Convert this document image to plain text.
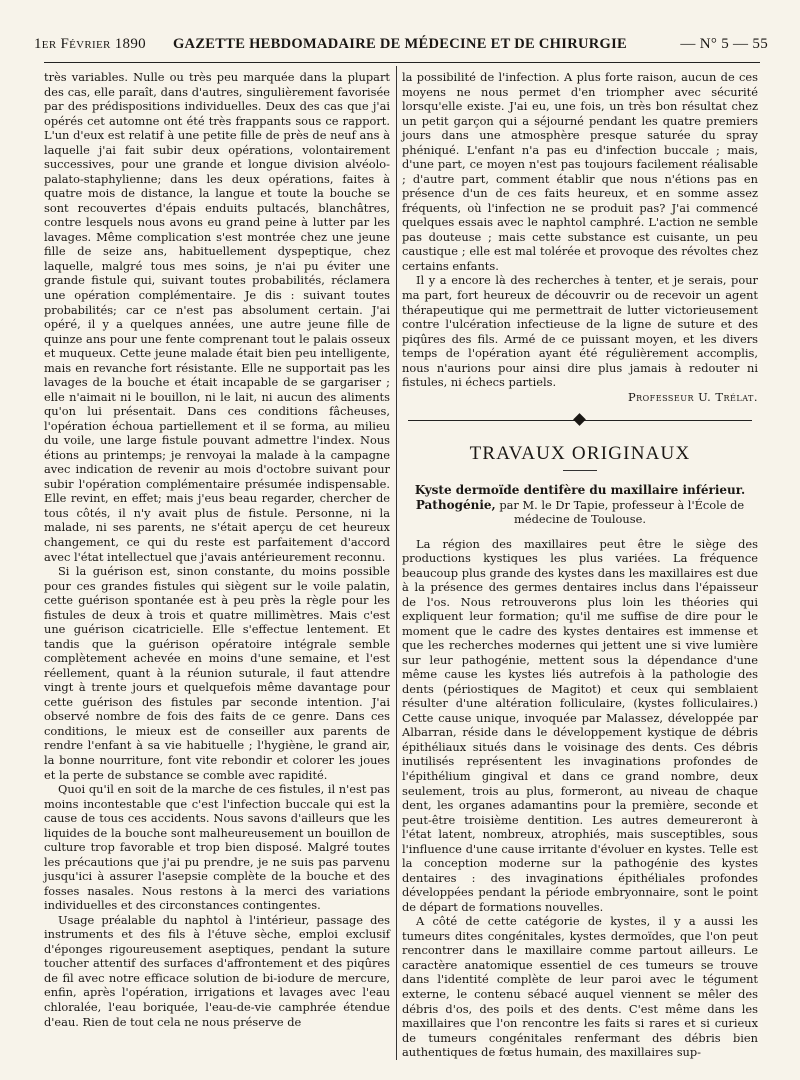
1er Février 1890	GAZETTE HEBDOMADAIRE DE MÉDECINE ET DE CHIRURGIE	— N° 5 — 55

très variables. Nulle ou très peu marquée dans la plupart des cas, elle paraît, dans d'autres, singulièrement favorisée par des prédispositions individuelles. Deux des cas que j'ai opérés cet automne ont été très frappants sous ce rapport. L'un d'eux est relatif à une petite fille de près de neuf ans à laquelle j'ai fait subir deux opérations, volontairement successives, pour une grande et longue division alvéolo-palato-staphylienne; dans les deux opérations, faites à quatre mois de distance, la langue et toute la bouche se sont recouvertes d'épais enduits pultacés, blanchâtres, contre lesquels nous avons eu grand peine à lutter par les lavages. Même complication s'est montrée chez une jeune fille de seize ans, habituellement dyspeptique, chez laquelle, malgré tous mes soins, je n'ai pu éviter une grande fistule qui, suivant toutes probabilités, réclamera une opération complémentaire. Je dis : suivant toutes probabilités; car ce n'est pas absolument certain. J'ai opéré, il y a quelques années, une autre jeune fille de quinze ans pour une fente comprenant tout le palais osseux et muqueux. Cette jeune malade était bien peu intelligente, mais en revanche fort résistante. Elle ne supportait pas les lavages de la bouche et était incapable de se gargariser ; elle n'aimait ni le bouillon, ni le lait, ni aucun des aliments qu'on lui présentait. Dans ces conditions fâcheuses, l'opération échoua partiellement et il se forma, au milieu du voile, une large fistule pouvant admettre l'index. Nous étions au printemps; je renvoyai la malade à la campagne avec indication de revenir au mois d'octobre suivant pour subir l'opération complémentaire présumée indispensable. Elle revint, en effet; mais j'eus beau regarder, chercher de tous côtés, il n'y avait plus de fistule. Personne, ni la malade, ni ses parents, ne s'était aperçu de cet heureux changement, ce qui du reste est parfaitement d'accord avec l'état intellectuel que j'avais antérieurement reconnu.

Si la guérison est, sinon constante, du moins possible pour ces grandes fistules qui siègent sur le voile palatin, cette guérison spontanée est à peu près la règle pour les fistules de deux à trois et quatre millimètres. Mais c'est une guérison cicatricielle. Elle s'effectue lentement. Et tandis que la guérison opératoire intégrale semble complètement achevée en moins d'une semaine, et l'est réellement, quant à la réunion suturale, il faut attendre vingt à trente jours et quelquefois même davantage pour cette guérison des fistules par seconde intention. J'ai observé nombre de fois des faits de ce genre. Dans ces conditions, le mieux est de conseiller aux parents de rendre l'enfant à sa vie habituelle ; l'hygiène, le grand air, la bonne nourriture, font vite rebondir et colorer les joues et la perte de substance se comble avec rapidité.

Quoi qu'il en soit de la marche de ces fistules, il n'est pas moins incontestable que c'est l'infection buccale qui est la cause de tous ces accidents. Nous savons d'ailleurs que les liquides de la bouche sont malheureusement un bouillon de culture trop favorable et trop bien disposé. Malgré toutes les précautions que j'ai pu prendre, je ne suis pas parvenu jusqu'ici à assurer l'asepsie complète de la bouche et des fosses nasales. Nous restons à la merci des variations individuelles et des circonstances contingentes.

Usage préalable du naphtol à l'intérieur, passage des instruments et des fils à l'étuve sèche, emploi exclusif d'éponges rigoureusement aseptiques, pendant la suture toucher attentif des surfaces d'affrontement et des piqûres de fil avec notre efficace solution de bi-iodure de mercure, enfin, après l'opération, irrigations et lavages avec l'eau chloralée, l'eau boriquée, l'eau-de-vie camphrée étendue d'eau. Rien de tout cela ne nous préserve de

la possibilité de l'infection. A plus forte raison, aucun de ces moyens ne nous permet d'en triompher avec sécurité lorsqu'elle existe. J'ai eu, une fois, un très bon résultat chez un petit garçon qui a séjourné pendant les quatre premiers jours dans une atmosphère presque saturée du spray phéniqué. L'enfant n'a pas eu d'infection buccale ; mais, d'une part, ce moyen n'est pas toujours facilement réalisable ; d'autre part, comment établir que nous n'étions pas en présence d'un de ces faits heureux, et en somme assez fréquents, où l'infection ne se produit pas? J'ai commencé quelques essais avec le naphtol camphré. L'action ne semble pas douteuse ; mais cette substance est cuisante, un peu caustique ; elle est mal tolérée et provoque des révoltes chez certains enfants.

Il y a encore là des recherches à tenter, et je serais, pour ma part, fort heureux de découvrir ou de recevoir un agent thérapeutique qui me permettrait de lutter victorieusement contre l'ulcération infectieuse de la ligne de suture et des piqûres des fils. Armé de ce puissant moyen, et les divers temps de l'opération ayant été régulièrement accomplis, nous n'aurions pour ainsi dire plus jamais à redouter ni fistules, ni échecs partiels.

Professeur U. Trélat.

TRAVAUX ORIGINAUX
Kyste dermoïde dentifère du maxillaire inférieur. Pathogénie, par M. le Dr Tapie, professeur à l'École de médecine de Toulouse.

La région des maxillaires peut être le siège des productions kystiques les plus variées. La fréquence beaucoup plus grande des kystes dans les maxillaires est due à la présence des germes dentaires inclus dans l'épaisseur de l'os. Nous retrouverons plus loin les théories qui expliquent leur formation; qu'il me suffise de dire pour le moment que le cadre des kystes dentaires est immense et que les recherches modernes qui jettent une si vive lumière sur leur pathogénie, mettent sous la dépendance d'une même cause les kystes liés autrefois à la pathologie des dents (périostiques de Magitot) et ceux qui semblaient résulter d'une altération folliculaire, (kystes folliculaires.) Cette cause unique, invoquée par Malassez, développée par Albarran, réside dans le développement kystique de débris épithéliaux situés dans le voisinage des dents. Ces débris inutilisés représentent les invaginations profondes de l'épithélium gingival et dans ce grand nombre, deux seulement, trois au plus, formeront, au niveau de chaque dent, les organes adamantins pour la première, seconde et peut-être troisième dentition. Les autres demeureront à l'état latent, nombreux, atrophiés, mais susceptibles, sous l'influence d'une cause irritante d'évoluer en kystes. Telle est la conception moderne sur la pathogénie des kystes dentaires : des invaginations épithéliales profondes développées pendant la période embryonnaire, sont le point de départ de formations nouvelles.

A côté de cette catégorie de kystes, il y a aussi les tumeurs dites congénitales, kystes dermoïdes, que l'on peut rencontrer dans le maxillaire comme partout ailleurs. Le caractère anatomique essentiel de ces tumeurs se trouve dans l'identité complète de leur paroi avec le tégument externe, le contenu sébacé auquel viennent se mêler des débris d'os, des poils et des dents. C'est même dans les maxillaires que l'on rencontre les faits si rares et si curieux de tumeurs congénitales renfermant des débris bien authentiques de fœtus humain, des maxillaires sup-
